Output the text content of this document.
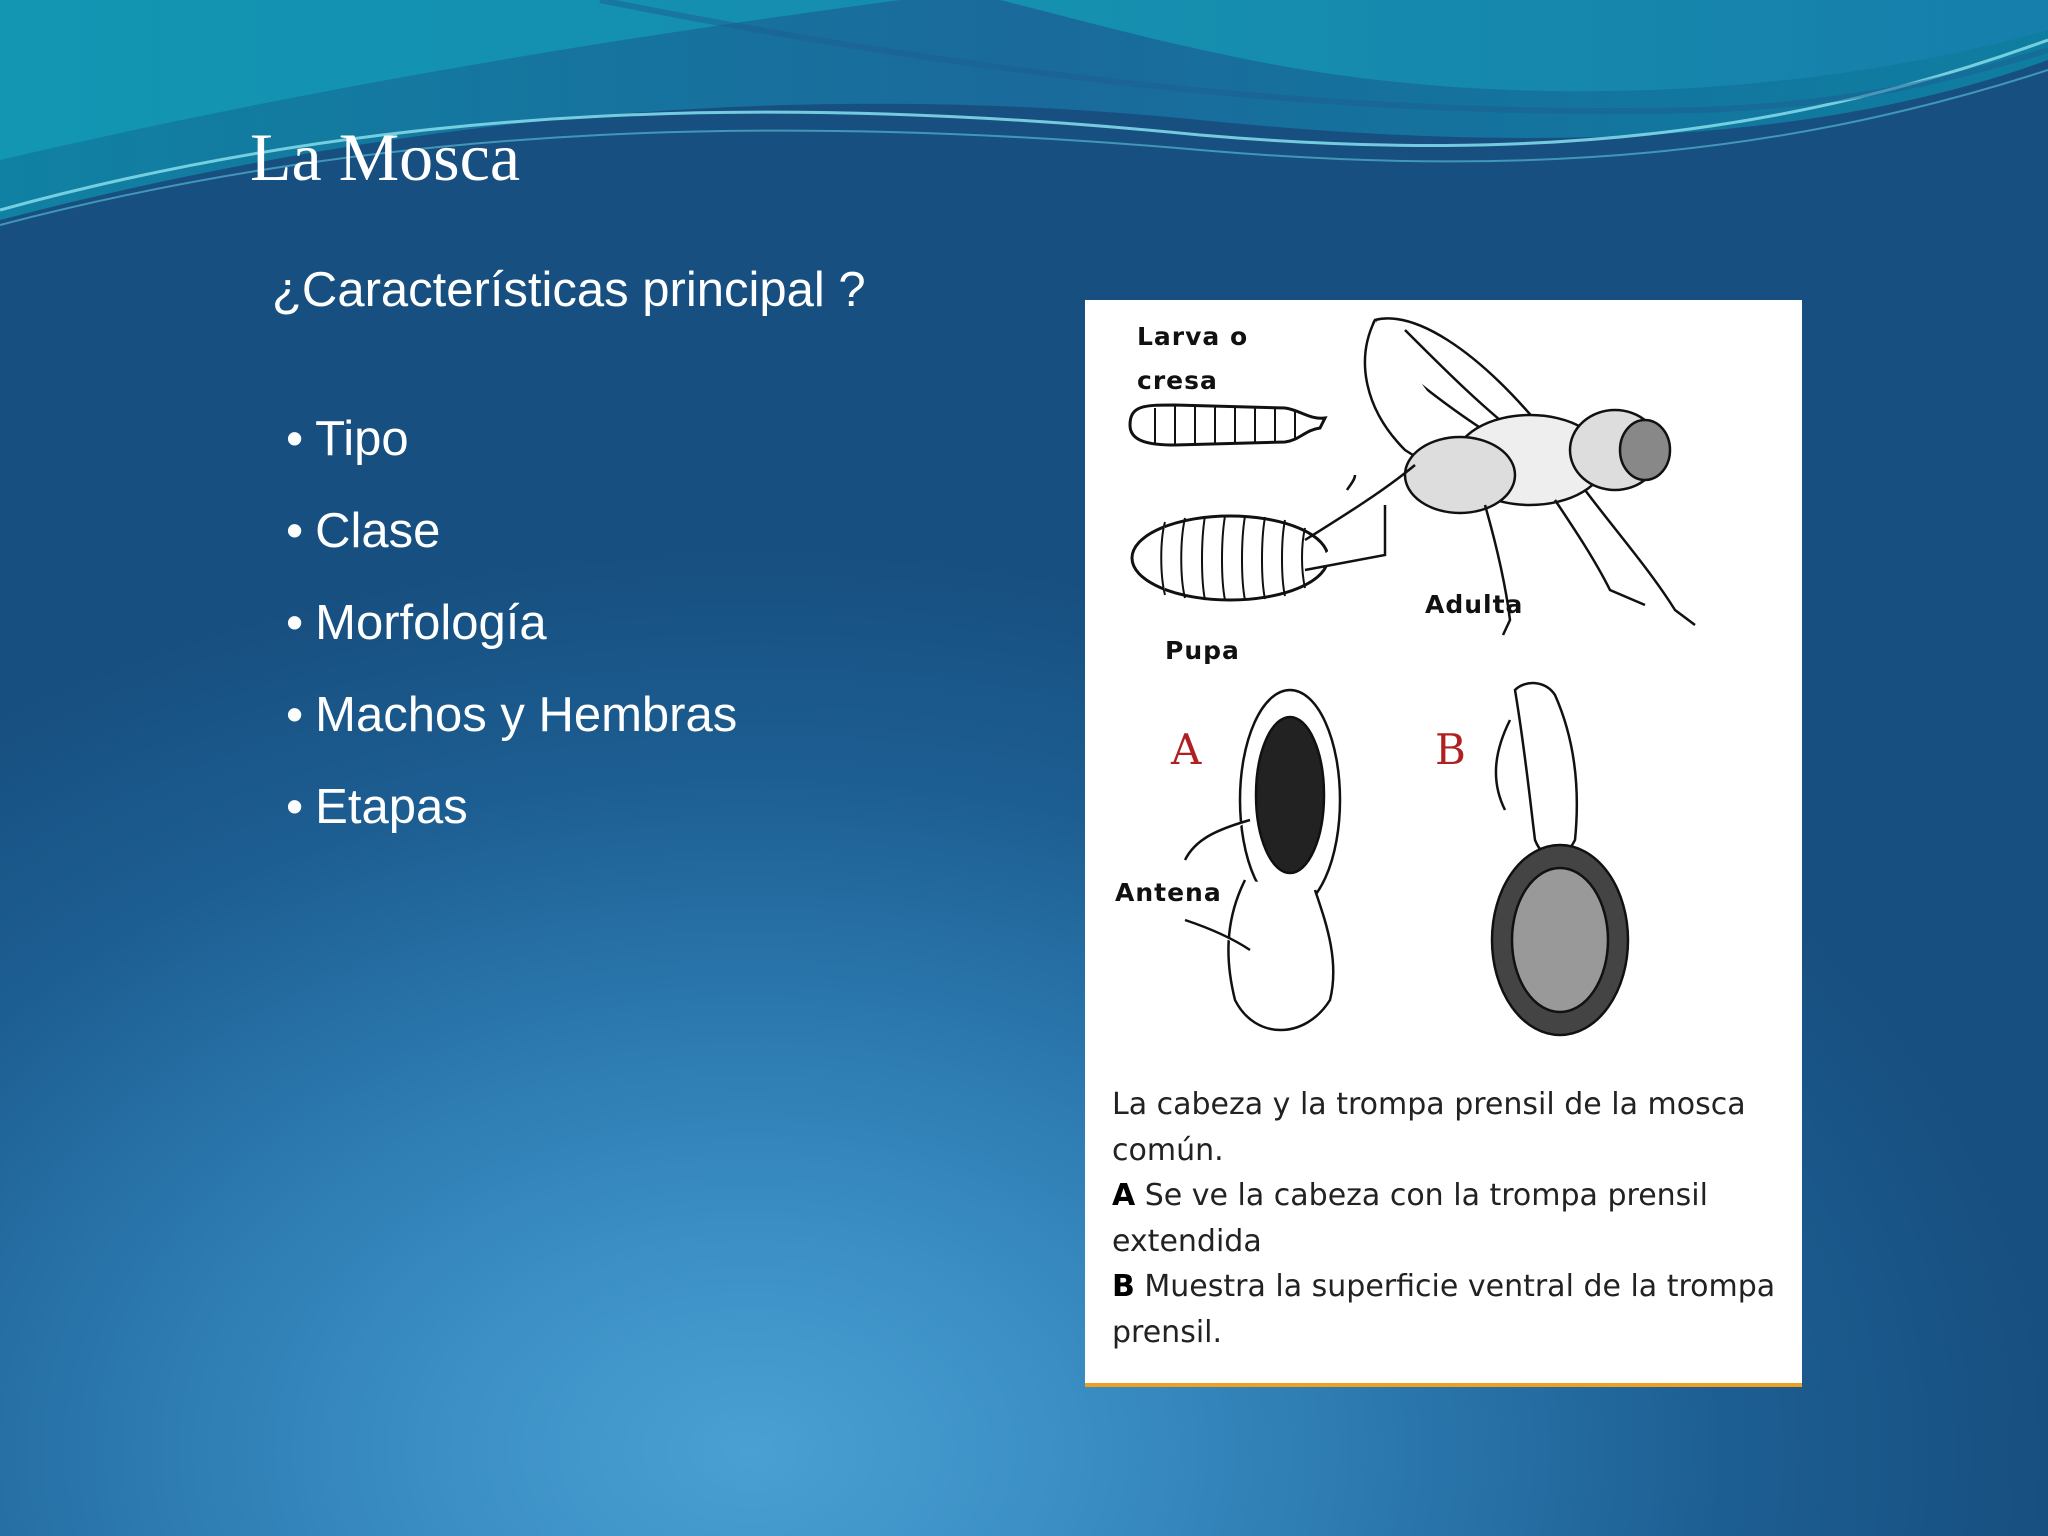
La Mosca
¿Características principal ?
• Tipo
• Clase
• Morfología
• Machos y Hembras
• Etapas
Larva o
cresa
Pupa
Adulta
A	B
Antena

La cabeza y la trompa prensil de la mosca común.

A Se ve la cabeza con la trompa prensil extendida

B Muestra la superficie ventral de la trompa prensil.
